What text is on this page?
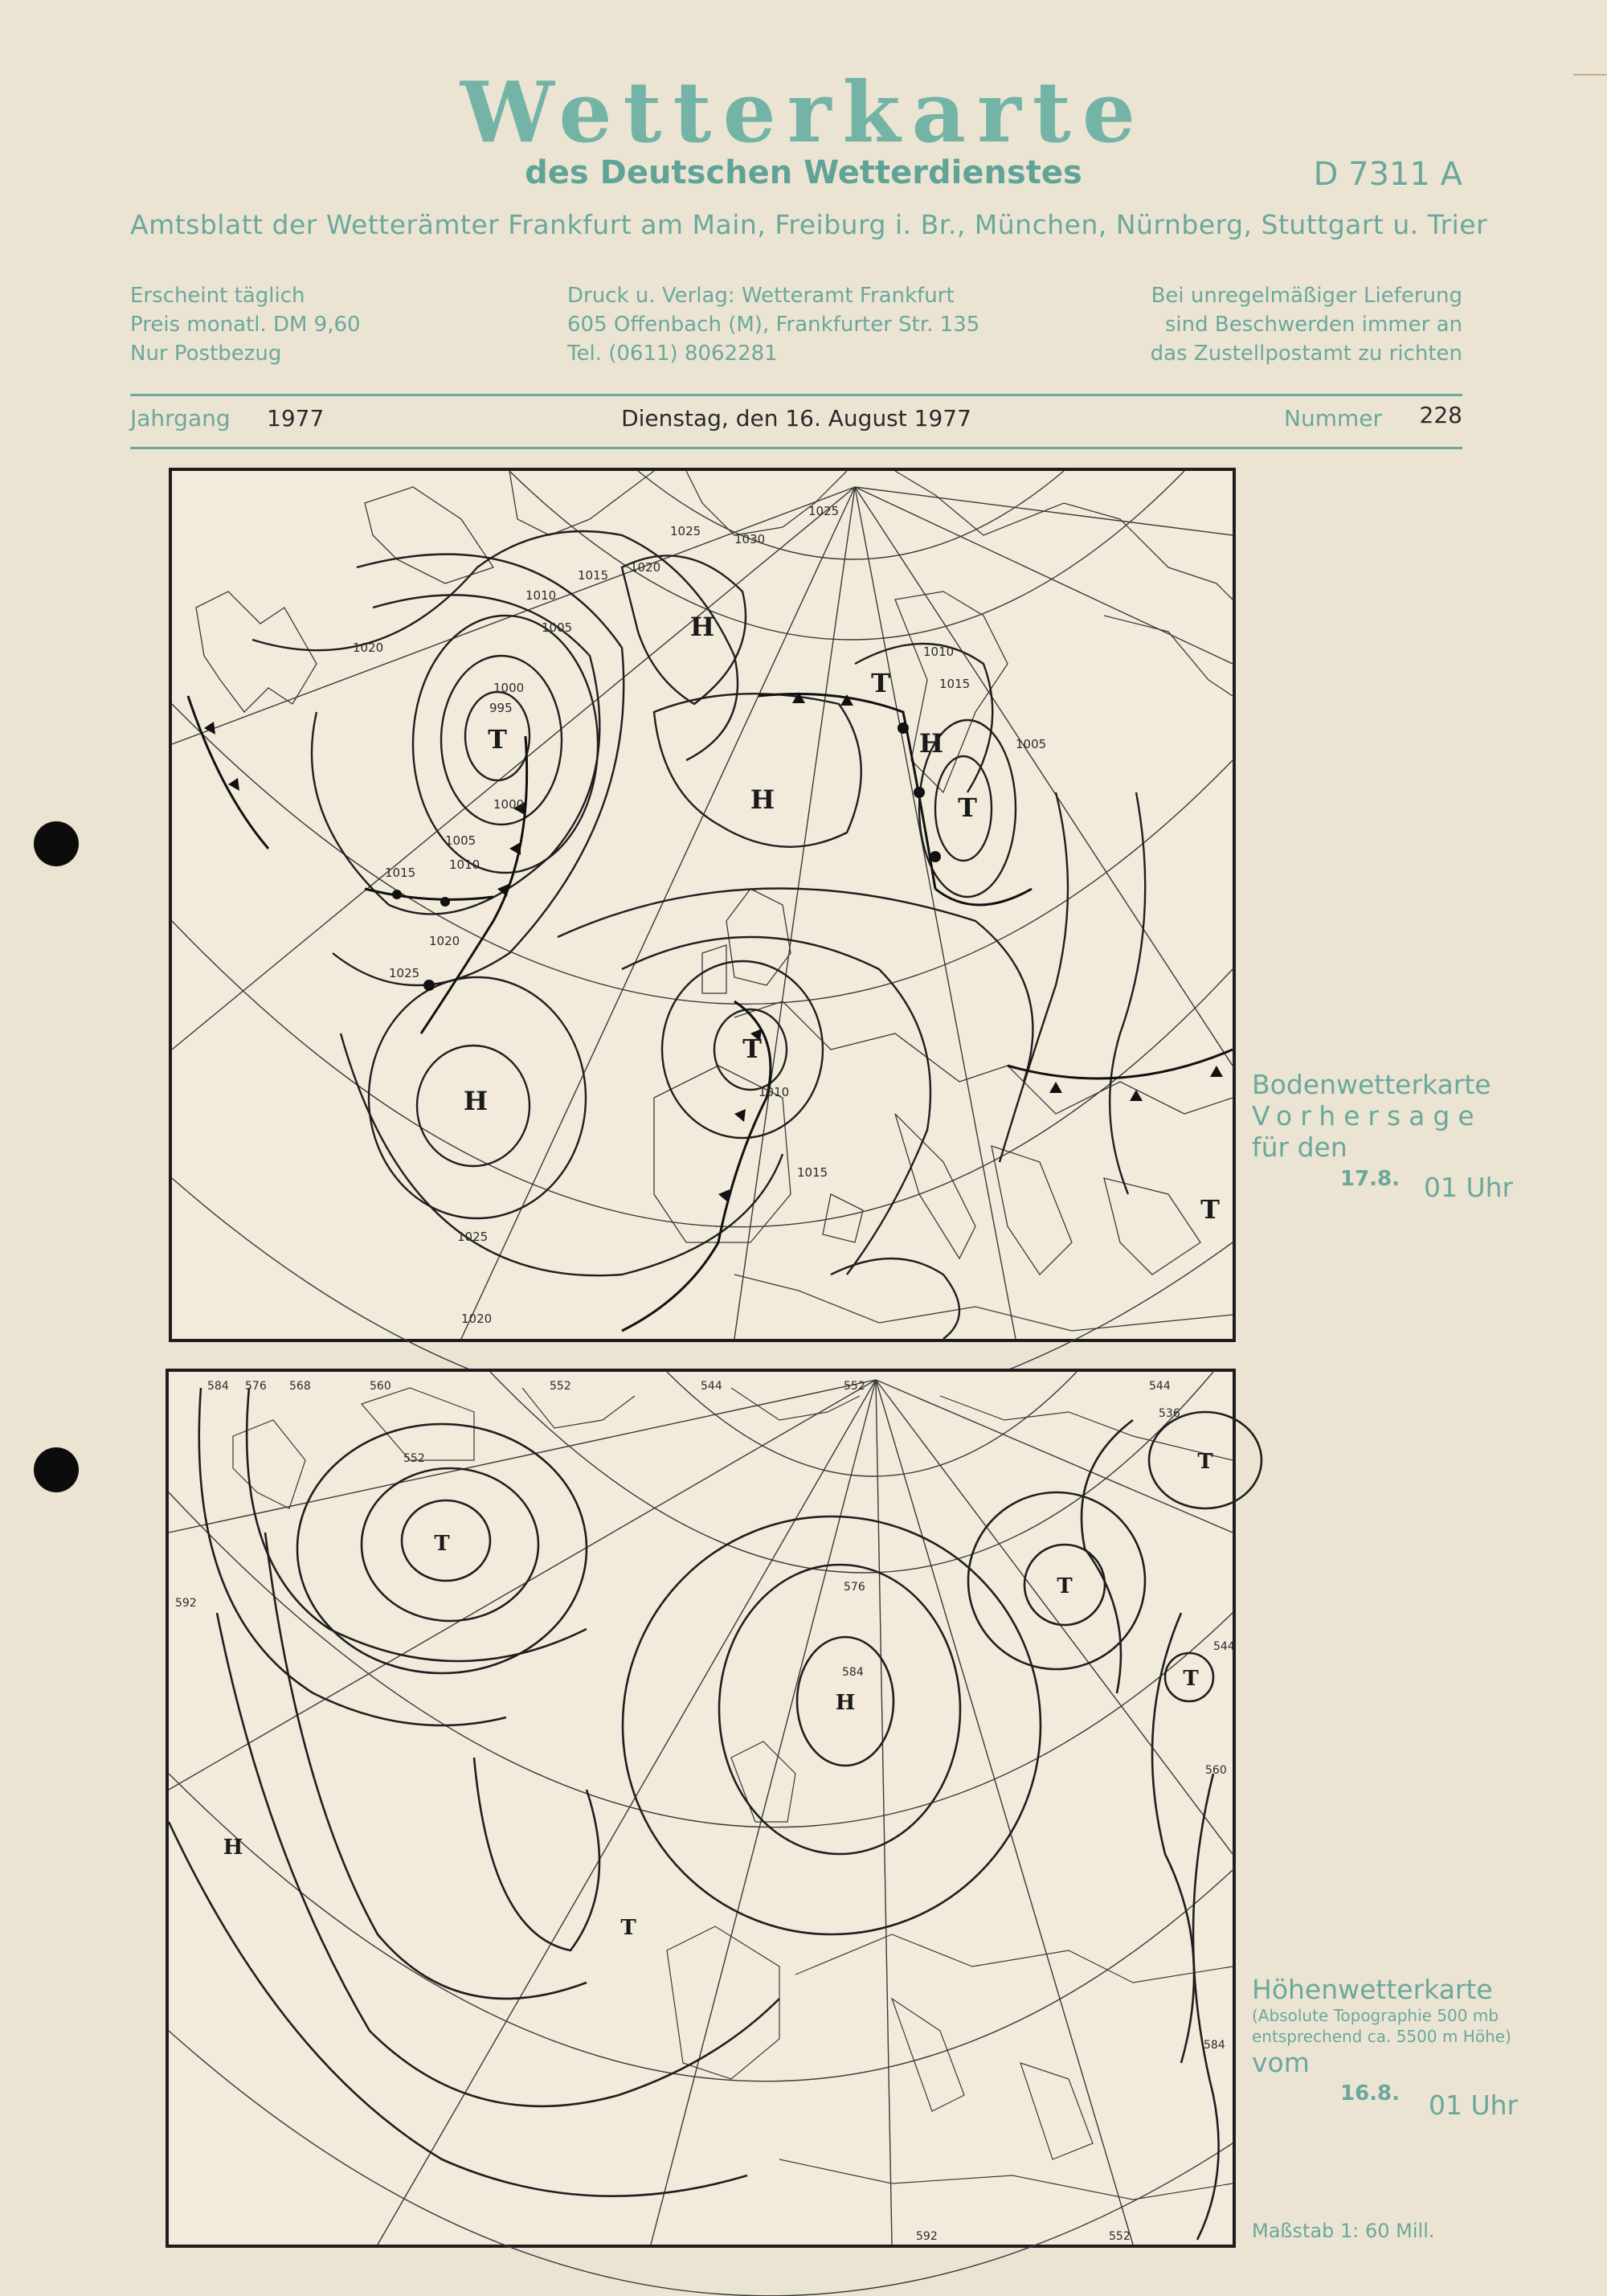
Wetterkarte
des Deutschen Wetterdienstes	D 7311 A
Amtsblatt der Wetterämter Frankfurt am Main, Freiburg i. Br., München, Nürnberg, Stuttgart u. Trier
Erscheint täglich
Preis monatl. DM 9,60
Nur Postbezug
Druck u. Verlag: Wetteramt Frankfurt
605 Offenbach (M), Frankfurter Str. 135
Tel. (0611) 8062281
Bei unregelmäßiger Lieferung
sind Beschwerden immer an
das Zustellpostamt zu richten
Jahrgang 1977	Dienstag, den 16. August 1977	Nummer 228
H
H
H
H
T
T
T
T
T
1020
1025
1030
1015
1010
1005
1000
995
1020
1025
1015
1010
1005
1000
1010
1015
1025
1020
1005
1015
1010
1020
1025
Bodenwetterkarte
Vorhersage
für den
17.8. 01 Uhr
H
H
T
T
T
T
T
584 576 568	560	552	544	552
536
544
576
584
552
560
544
592
584
592	552
Höhenwetterkarte
(Absolute Topographie 500 mb
entsprechend ca. 5500 m Höhe)
vom
16.8. 01 Uhr
Maßstab 1: 60 Mill.
